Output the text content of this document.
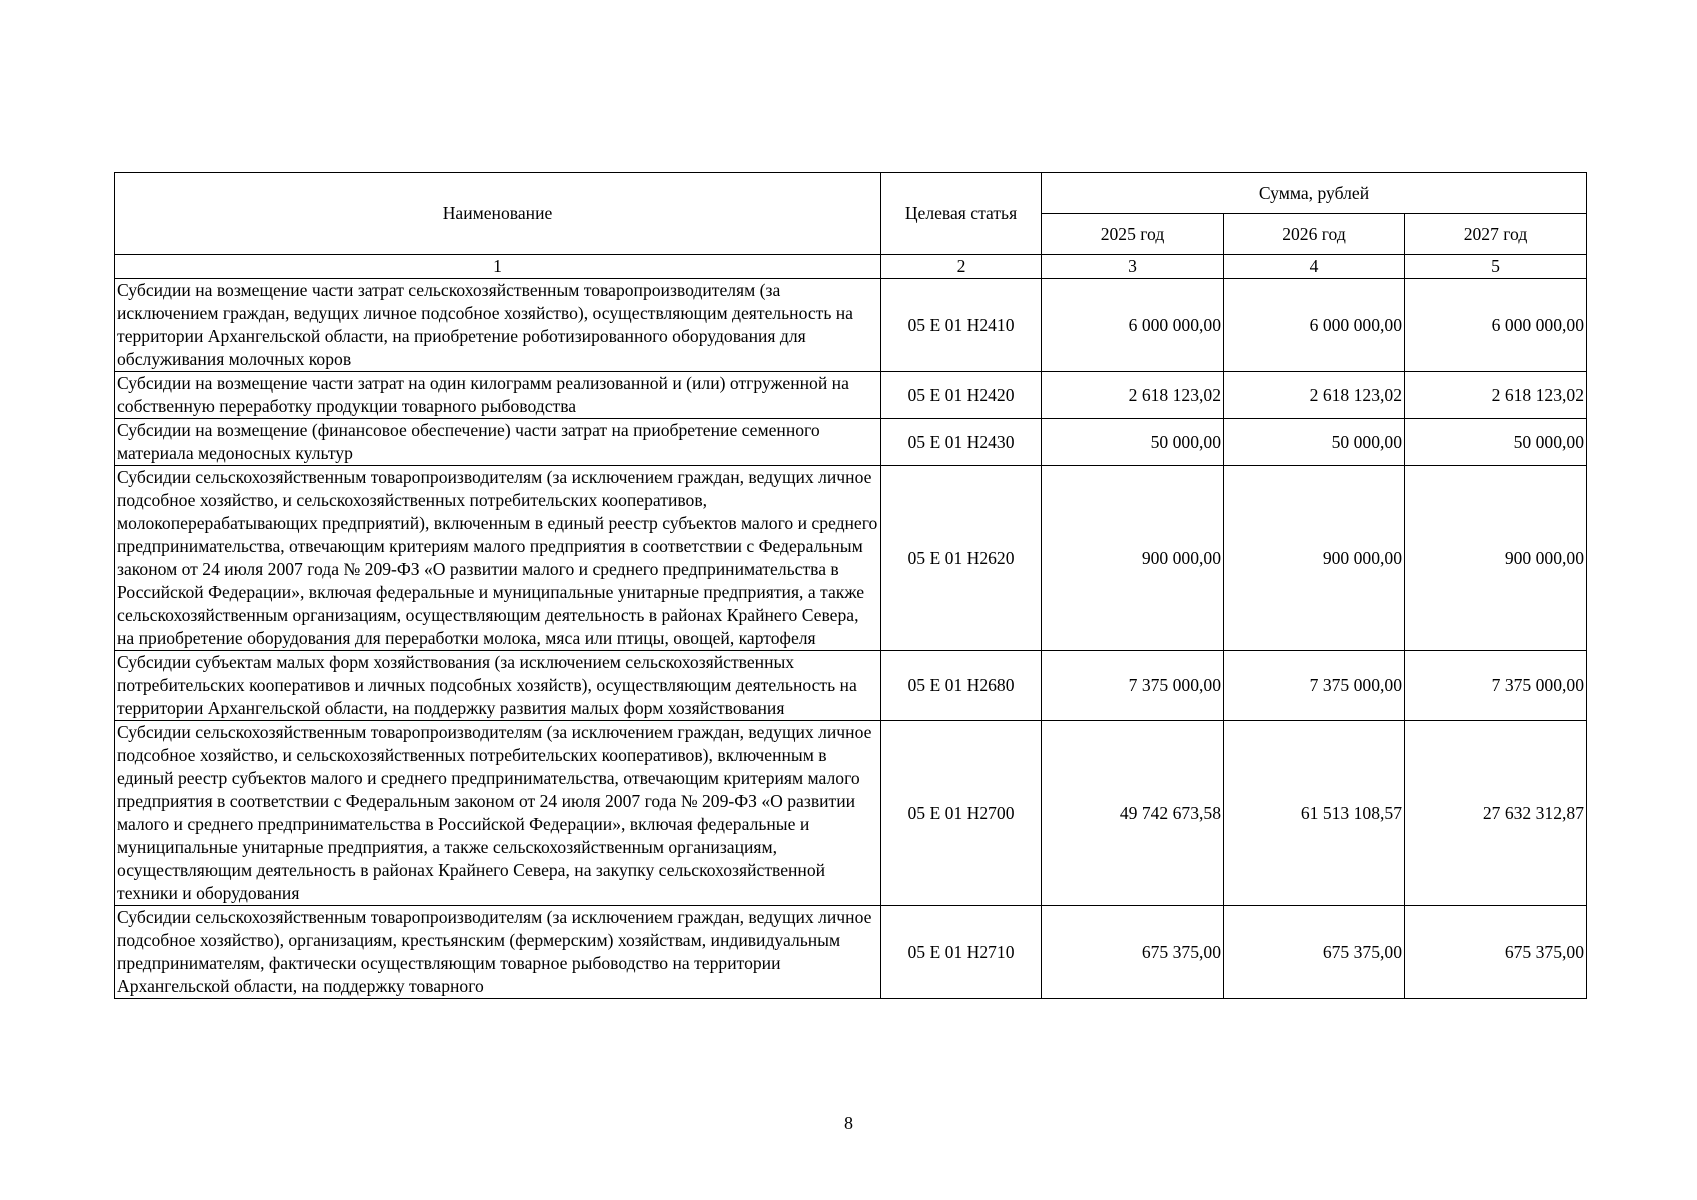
Наименование	Целевая статья	Сумма, рублей		
		2025 год	2026 год	2027 год
1	2	3	4	5
Субсидии на возмещение части затрат сельскохозяйственным товаропроизводителям (за исключением граждан, ведущих личное подсобное хозяйство), осуществляющим деятельность на территории Архангельской области, на приобретение роботизированного оборудования для обслуживания молочных коров	05 Е 01 Н2410	6 000 000,00	6 000 000,00	6 000 000,00
Субсидии на возмещение части затрат на один килограмм реализованной и (или) отгруженной на собственную переработку продукции товарного рыбоводства	05 Е 01 Н2420	2 618 123,02	2 618 123,02	2 618 123,02
Субсидии на возмещение (финансовое обеспечение) части затрат на приобретение семенного материала медоносных культур	05 Е 01 Н2430	50 000,00	50 000,00	50 000,00
Субсидии сельскохозяйственным товаропроизводителям (за исключением граждан, ведущих личное подсобное хозяйство, и сельскохозяйственных потребительских кооперативов, молокоперерабатывающих предприятий), включенным в единый реестр субъектов малого и среднего предпринимательства, отвечающим критериям малого предприятия в соответствии с Федеральным законом от 24 июля 2007 года № 209-ФЗ «О развитии малого и среднего предпринимательства в Российской Федерации», включая федеральные и муниципальные унитарные предприятия, а также сельскохозяйственным организациям, осуществляющим деятельность в районах Крайнего Севера, на приобретение оборудования для переработки молока, мяса или птицы, овощей, картофеля	05 Е 01 Н2620	900 000,00	900 000,00	900 000,00
Субсидии субъектам малых форм хозяйствования (за исключением сельскохозяйственных потребительских кооперативов и личных подсобных хозяйств), осуществляющим деятельность на территории Архангельской области, на поддержку развития малых форм хозяйствования	05 Е 01 Н2680	7 375 000,00	7 375 000,00	7 375 000,00
Субсидии сельскохозяйственным товаропроизводителям (за исключением граждан, ведущих личное подсобное хозяйство, и сельскохозяйственных потребительских кооперативов), включенным в единый реестр субъектов малого и среднего предпринимательства, отвечающим критериям малого предприятия в соответствии с Федеральным законом от 24 июля 2007 года № 209-ФЗ «О развитии малого и среднего предпринимательства в Российской Федерации», включая федеральные и муниципальные унитарные предприятия, а также сельскохозяйственным организациям, осуществляющим деятельность в районах Крайнего Севера, на закупку сельскохозяйственной техники и оборудования	05 Е 01 Н2700	49 742 673,58	61 513 108,57	27 632 312,87
Субсидии сельскохозяйственным товаропроизводителям (за исключением граждан, ведущих личное подсобное хозяйство), организациям, крестьянским (фермерским) хозяйствам, индивидуальным предпринимателям, фактически осуществляющим товарное рыбоводство на территории Архангельской области, на поддержку товарного	05 Е 01 Н2710	675 375,00	675 375,00	675 375,00
8
